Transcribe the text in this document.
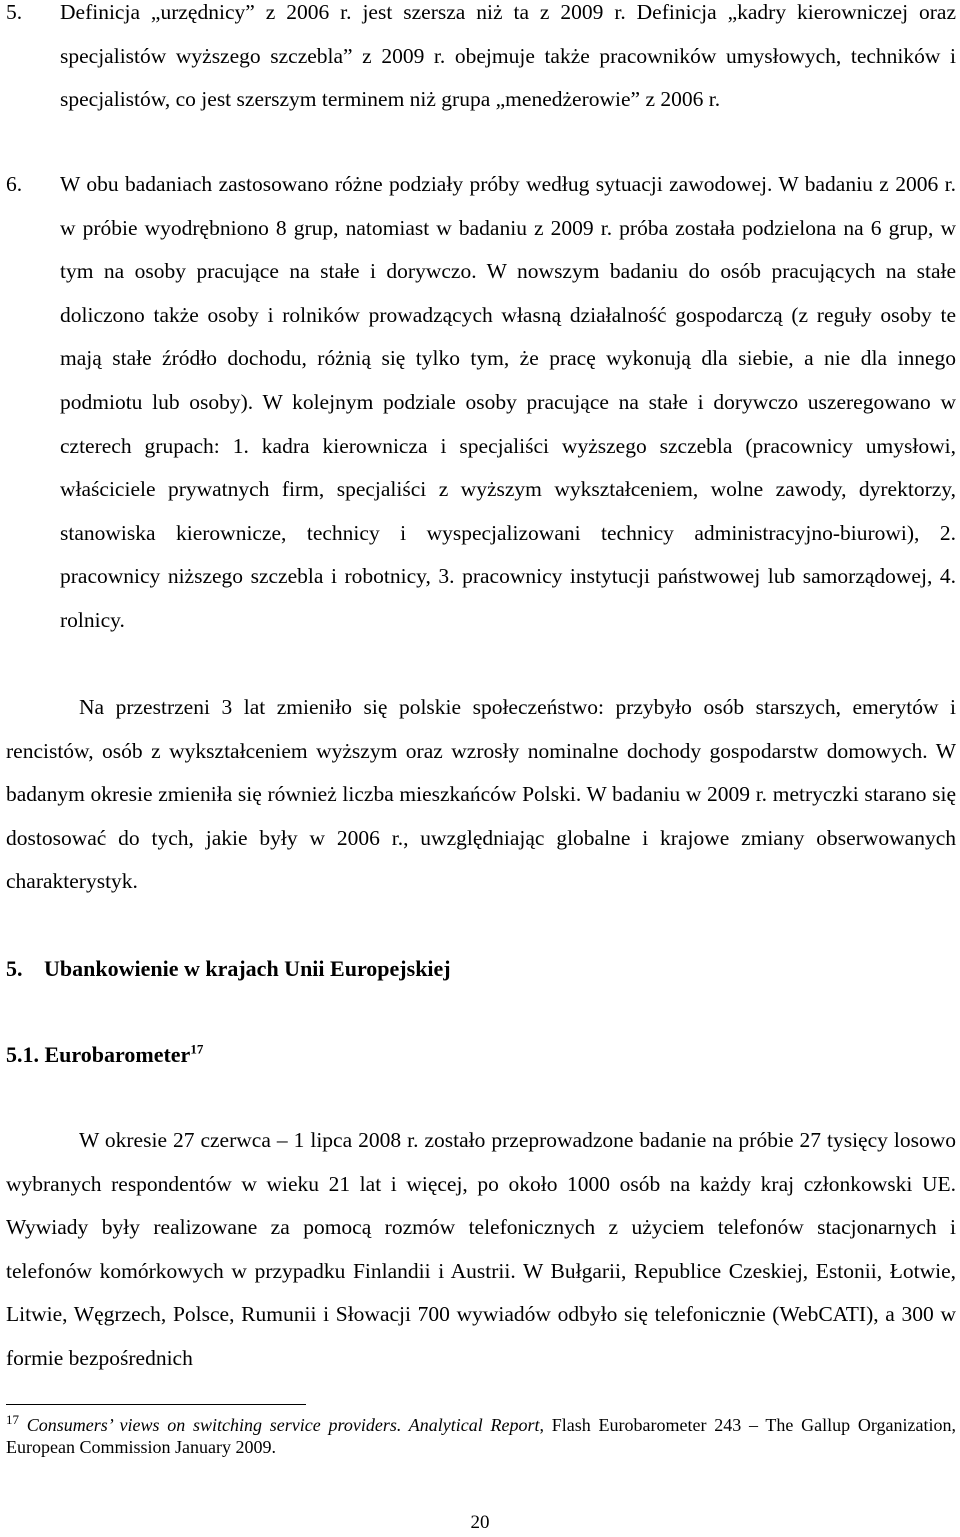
5. Definicja „urzędnicy” z 2006 r. jest szersza niż ta z 2009 r. Definicja „kadry kierowniczej oraz specjalistów wyższego szczebla” z 2009 r. obejmuje także pracowników umysłowych, techników i specjalistów, co jest szerszym terminem niż grupa „menedżerowie” z 2006 r.
6. W obu badaniach zastosowano różne podziały próby według sytuacji zawodowej. W badaniu z 2006 r. w próbie wyodrębniono 8 grup, natomiast w badaniu z 2009 r. próba została podzielona na 6 grup, w tym na osoby pracujące na stałe i dorywczo. W nowszym badaniu do osób pracujących na stałe doliczono także osoby i rolników prowadzących własną działalność gospodarczą (z reguły osoby te mają stałe źródło dochodu, różnią się tylko tym, że pracę wykonują dla siebie, a nie dla innego podmiotu lub osoby). W kolejnym podziale osoby pracujące na stałe i dorywczo uszeregowano w czterech grupach: 1. kadra kierownicza i specjaliści wyższego szczebla (pracownicy umysłowi, właściciele prywatnych firm, specjaliści z wyższym wykształceniem, wolne zawody, dyrektorzy, stanowiska kierownicze, technicy i wyspecjalizowani technicy administracyjno-biurowi), 2. pracownicy niższego szczebla i robotnicy, 3. pracownicy instytucji państwowej lub samorządowej, 4. rolnicy.
Na przestrzeni 3 lat zmieniło się polskie społeczeństwo: przybyło osób starszych, emerytów i rencistów, osób z wykształceniem wyższym oraz wzrosły nominalne dochody gospodarstw domowych. W badanym okresie zmieniła się również liczba mieszkańców Polski. W badaniu w 2009 r. metryczki starano się dostosować do tych, jakie były w 2006 r., uwzględniając globalne i krajowe zmiany obserwowanych charakterystyk.
5. Ubankowienie w krajach Unii Europejskiej
5.1. Eurobarometer$^{17}$
W okresie 27 czerwca – 1 lipca 2008 r. zostało przeprowadzone badanie na próbie 27 tysięcy losowo wybranych respondentów w wieku 21 lat i więcej, po około 1000 osób na każdy kraj członkowski UE. Wywiady były realizowane za pomocą rozmów telefonicznych z użyciem telefonów stacjonarnych i telefonów komórkowych w przypadku Finlandii i Austrii. W Bułgarii, Republice Czeskiej, Estonii, Łotwie, Litwie, Węgrzech, Polsce, Rumunii i Słowacji 700 wywiadów odbyło się telefonicznie (WebCATI), a 300 w formie bezpośrednich
$^{17}$ Consumers’ views on switching service providers. Analytical Report, Flash Eurobarometer 243 – The Gallup Organization, European Commission January 2009.
20
